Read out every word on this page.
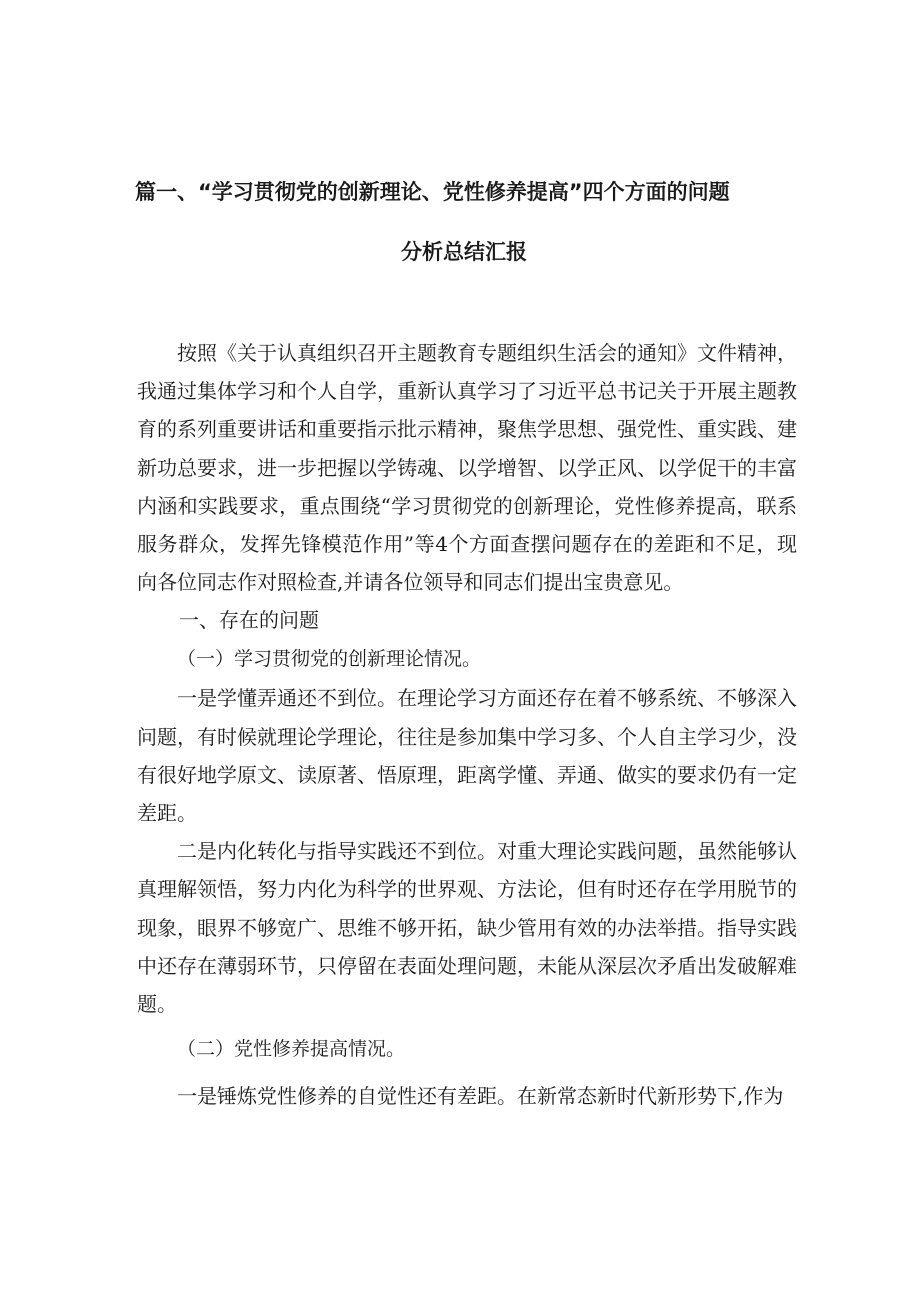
篇一、“学习贯彻党的创新理论、党性修养提高”四个方面的问题
分析总结汇报

按照《关于认真组织召开主题教育专题组织生活会的通知》文件精神，我通过集体学习和个人自学，重新认真学习了习近平总书记关于开展主题教育的系列重要讲话和重要指示批示精神，聚焦学思想、强党性、重实践、建新功总要求，进一步把握以学铸魂、以学增智、以学正风、以学促干的丰富内涵和实践要求，重点围绕“学习贯彻党的创新理论，党性修养提高，联系服务群众，发挥先锋模范作用”等4个方面查摆问题存在的差距和不足，现向各位同志作对照检查,并请各位领导和同志们提出宝贵意见。

一、存在的问题

（一）学习贯彻党的创新理论情况。

一是学懂弄通还不到位。在理论学习方面还存在着不够系统、不够深入问题，有时候就理论学理论，往往是参加集中学习多、个人自主学习少，没有很好地学原文、读原著、悟原理，距离学懂、弄通、做实的要求仍有一定差距。

二是内化转化与指导实践还不到位。对重大理论实践问题，虽然能够认真理解领悟，努力内化为科学的世界观、方法论，但有时还存在学用脱节的现象，眼界不够宽广、思维不够开拓，缺少管用有效的办法举措。指导实践中还存在薄弱环节，只停留在表面处理问题，未能从深层次矛盾出发破解难题。

（二）党性修养提高情况。

一是锤炼党性修养的自觉性还有差距。在新常态新时代新形势下,作为
